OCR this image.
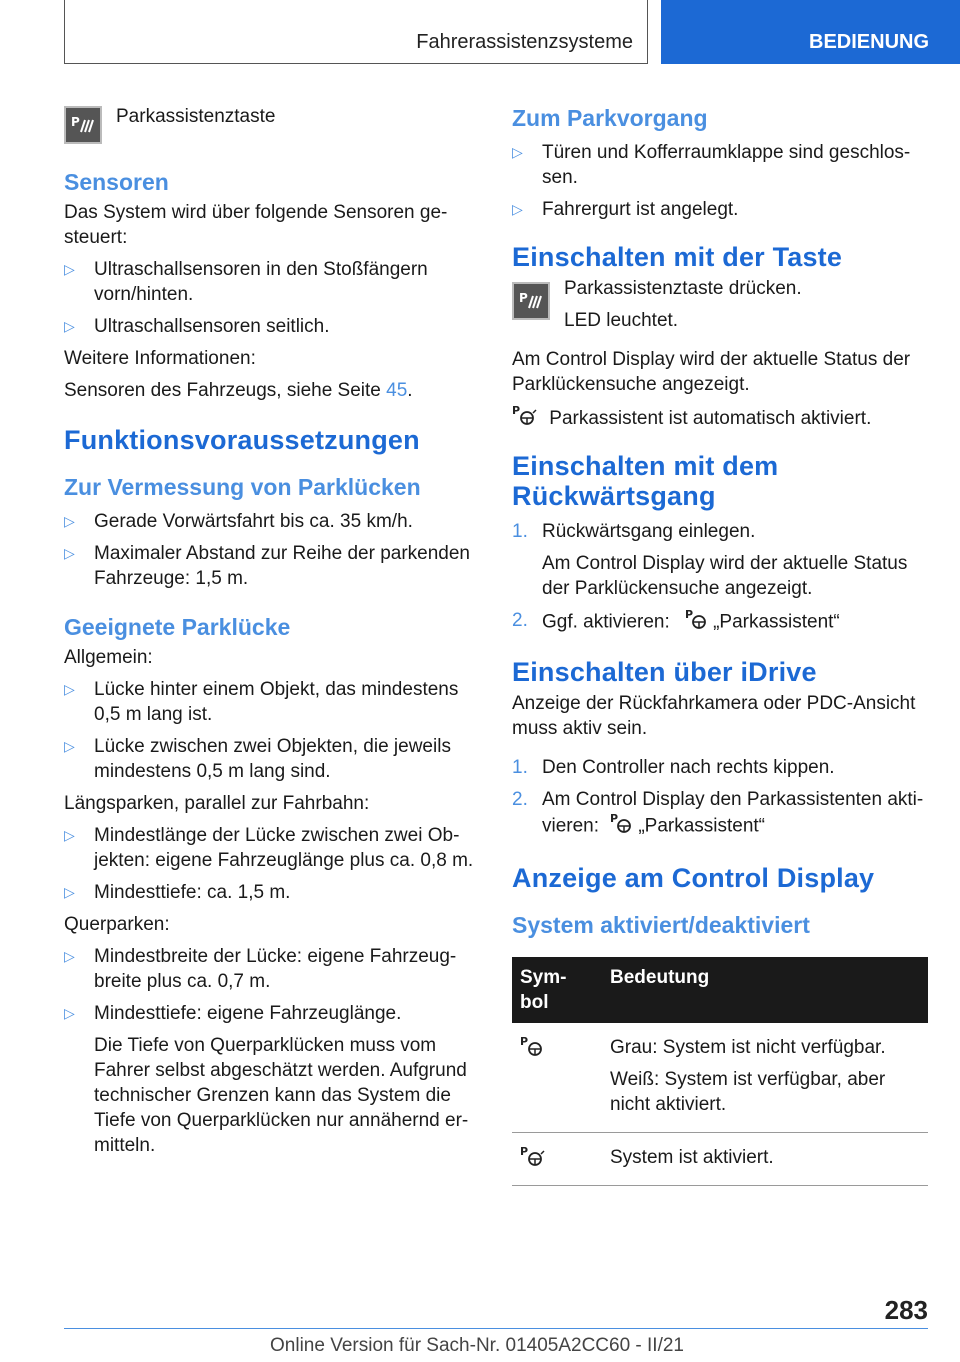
Fahrerassistenzsysteme	BEDIENUNG
P Parkassistenztaste
Sensoren

Das System wird über folgende Sensoren ge-steuert:

▷ Ultraschallsensoren in den Stoßfängern vorn/hinten.
▷ Ultraschallsensoren seitlich.

Weitere Informationen:

Sensoren des Fahrzeugs, siehe Seite 45.

Funktionsvoraussetzungen
Zur Vermessung von Parklücken
▷ Gerade Vorwärtsfahrt bis ca. 35 km/h.
▷ Maximaler Abstand zur Reihe der parkenden Fahrzeuge: 1,5 m.
Geeignete Parklücke

Allgemein:

▷ Lücke hinter einem Objekt, das mindestens 0,5 m lang ist.
▷ Lücke zwischen zwei Objekten, die jeweils mindestens 0,5 m lang sind.

Längsparken, parallel zur Fahrbahn:

▷ Mindestlänge der Lücke zwischen zwei Ob-jekten: eigene Fahrzeuglänge plus ca. 0,8 m.
▷ Mindesttiefe: ca. 1,5 m.

Querparken:

▷ Mindestbreite der Lücke: eigene Fahrzeug-breite plus ca. 0,7 m.
▷ Mindesttiefe: eigene Fahrzeuglänge.

Die Tiefe von Querparklücken muss vom Fahrer selbst abgeschätzt werden. Aufgrund technischer Grenzen kann das System die Tiefe von Querparklücken nur annähernd er-mitteln.

Zum Parkvorgang
▷ Türen und Kofferraumklappe sind geschlos-sen.
▷ Fahrergurt ist angelegt.
Einschalten mit der Taste
P Parkassistenztaste drücken.

LED leuchtet.

Am Control Display wird der aktuelle Status der Parklückensuche angezeigt.

P Parkassistent ist automatisch aktiviert.

Einschalten mit dem
Rückwärtsgang
1. Rückwärtsgang einlegen.

Am Control Display wird der aktuelle Status der Parklückensuche angezeigt.

2. Ggf. aktivieren: P „Parkassistent“
Einschalten über iDrive

Anzeige der Rückfahrkamera oder PDC-Ansicht muss aktiv sein.

1. Den Controller nach rechts kippen.
2. Am Control Display den Parkassistenten akti-vieren: P „Parkassistent“
Anzeige am Control Display
System aktiviert/deaktiviert
Sym-bol	Bedeutung

P	Grau: System ist nicht verfügbar.

Weiß: System ist verfügbar, aber nicht aktiviert.

P	System ist aktiviert.

283
Online Version für Sach-Nr. 01405A2CC60 - II/21
